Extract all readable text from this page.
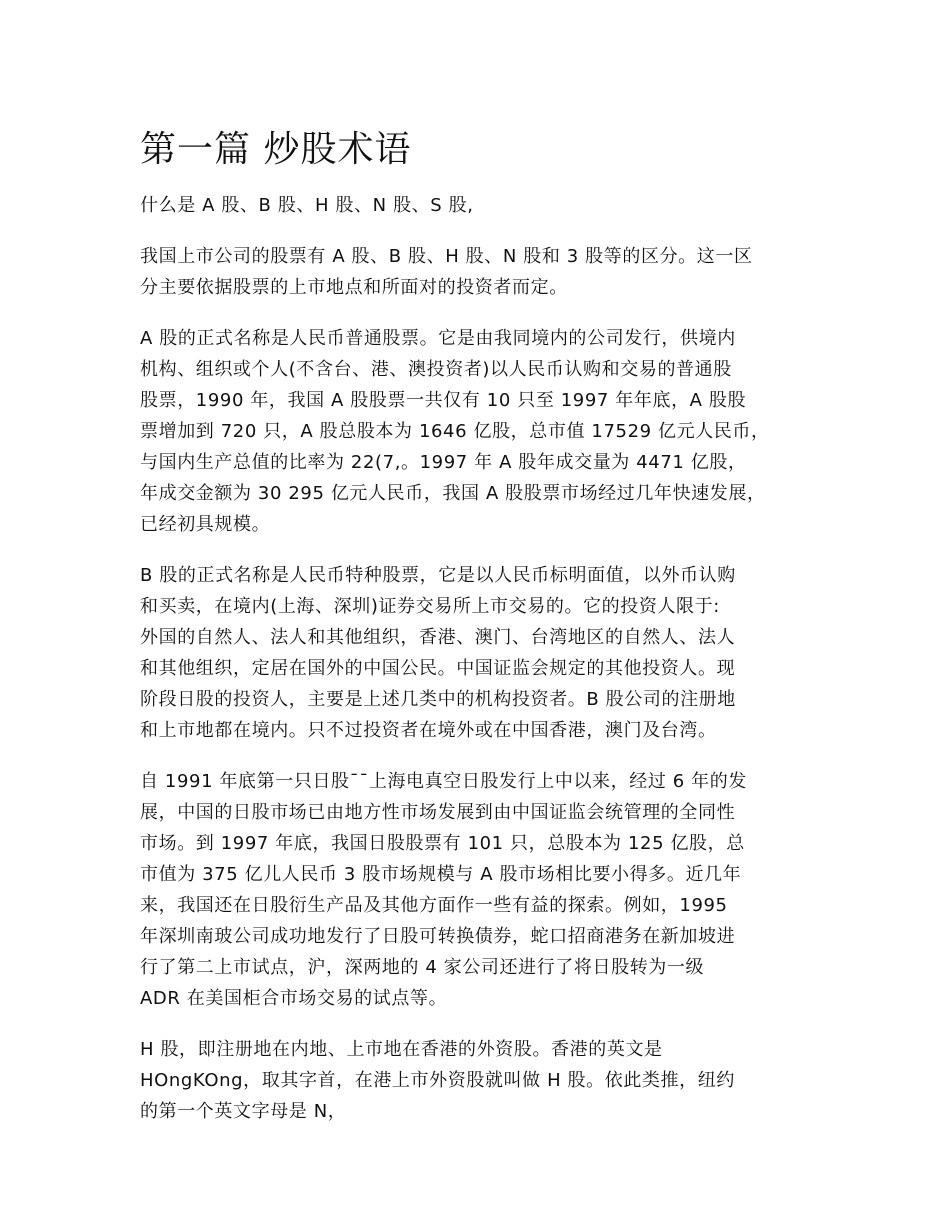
第一篇 炒股术语
什么是 A 股、B 股、H 股、N 股、S 股,
我国上市公司的股票有 A 股、B 股、H 股、N 股和 3 股等的区分。这一区
分主要依据股票的上市地点和所面对的投资者而定。
A 股的正式名称是人民币普通股票。它是由我同境内的公司发行，供境内
机构、组织或个人(不含台、港、澳投资者)以人民币认购和交易的普通股
股票，1990 年，我国 A 股股票一共仅有 10 只至 1997 年年底，A 股股
票增加到 720 只，A 股总股本为 1646 亿股，总市值 17529 亿元人民币，
与国内生产总值的比率为 22(7,。1997 年 A 股年成交量为 4471 亿股，
年成交金额为 30 295 亿元人民币，我国 A 股股票市场经过几年快速发展，
已经初具规模。
B 股的正式名称是人民币特种股票，它是以人民币标明面值，以外币认购
和买卖，在境内(上海、深圳)证券交易所上市交易的。它的投资人限于:
外国的自然人、法人和其他组织，香港、澳门、台湾地区的自然人、法人
和其他组织，定居在国外的中国公民。中国证监会规定的其他投资人。现
阶段日股的投资人，主要是上述几类中的机构投资者。B 股公司的注册地
和上市地都在境内。只不过投资者在境外或在中国香港，澳门及台湾。
自 1991 年底第一只日股¯¯上海电真空日股发行上中以来，经过 6 年的发
展，中国的日股市场已由地方性市场发展到由中国证监会统管理的全同性
市场。到 1997 年底，我国日股股票有 101 只，总股本为 125 亿股，总
市值为 375 亿儿人民币 3 股市场规模与 A 股市场相比要小得多。近几年
来，我国还在日股衍生产品及其他方面作一些有益的探索。例如，1995
年深圳南玻公司成功地发行了日股可转换债券，蛇口招商港务在新加坡进
行了第二上市试点，沪，深两地的 4 家公司还进行了将日股转为一级
ADR 在美国柜合市场交易的试点等。
H 股，即注册地在内地、上市地在香港的外资股。香港的英文是
HOngKOng，取其字首，在港上市外资股就叫做 H 股。依此类推，纽约
的第一个英文字母是 N，
